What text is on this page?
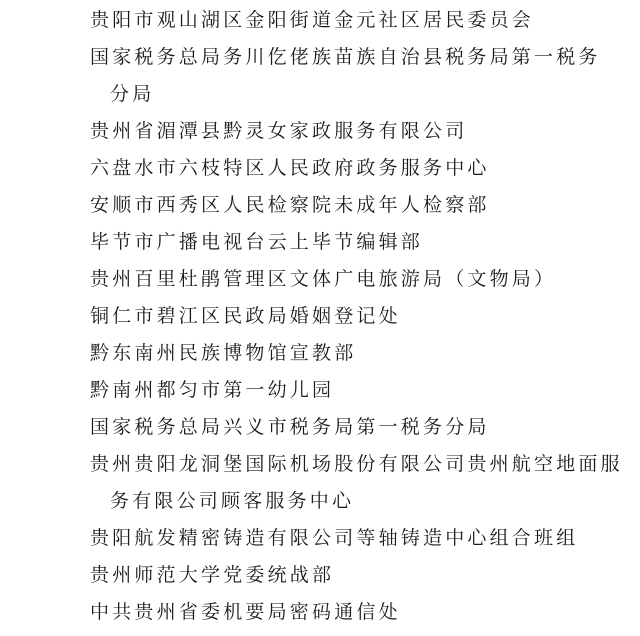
贵阳市观山湖区金阳街道金元社区居民委员会
国家税务总局务川仡佬族苗族自治县税务局第一税务
分局
贵州省湄潭县黔灵女家政服务有限公司
六盘水市六枝特区人民政府政务服务中心
安顺市西秀区人民检察院未成年人检察部
毕节市广播电视台云上毕节编辑部
贵州百里杜鹃管理区文体广电旅游局（文物局）
铜仁市碧江区民政局婚姻登记处
黔东南州民族博物馆宣教部
黔南州都匀市第一幼儿园
国家税务总局兴义市税务局第一税务分局
贵州贵阳龙洞堡国际机场股份有限公司贵州航空地面服
务有限公司顾客服务中心
贵阳航发精密铸造有限公司等轴铸造中心组合班组
贵州师范大学党委统战部
中共贵州省委机要局密码通信处
